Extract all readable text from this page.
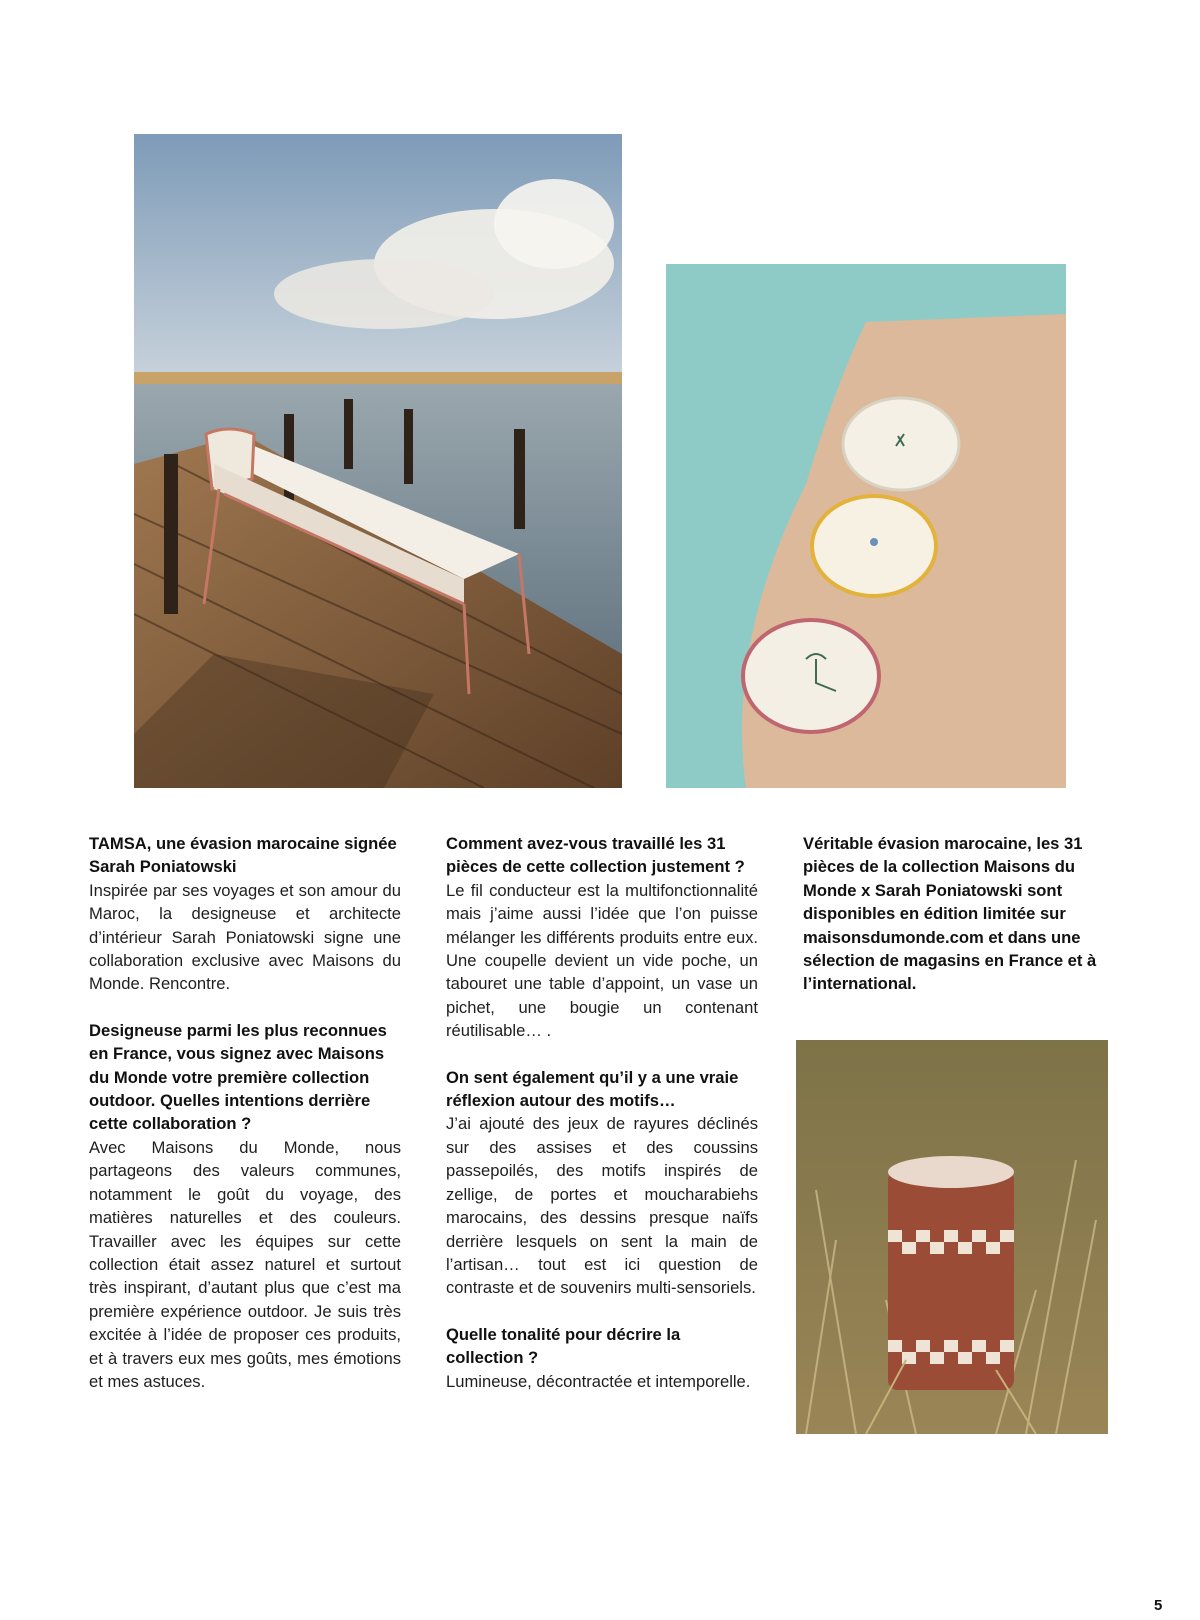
TAMSA, une évasion marocaine signée Sarah Poniatowski

Inspirée par ses voyages et son amour du Maroc, la designeuse et architecte d’intérieur Sarah Poniatowski signe une collaboration exclusive avec Maisons du Monde. Rencontre.

Designeuse parmi les plus reconnues en France, vous signez avec Maisons du Monde votre première collection outdoor. Quelles intentions derrière cette collaboration ?

Avec Maisons du Monde, nous partageons des valeurs communes, notamment le goût du voyage, des matières naturelles et des couleurs. Travailler avec les équipes sur cette collection était assez naturel et surtout très inspirant, d’autant plus que c’est ma première expérience outdoor. Je suis très excitée à l’idée de proposer ces produits, et à travers eux mes goûts, mes émotions et mes astuces.

Comment avez-vous travaillé les 31 pièces de cette collection justement ?

Le fil conducteur est la multifonctionnalité mais j’aime aussi l’idée que l’on puisse mélanger les différents produits entre eux. Une coupelle devient un vide poche, un tabouret une table d’appoint, un vase un pichet, une bougie un contenant réutilisable… .

On sent également qu’il y a une vraie réflexion autour des motifs…

J’ai ajouté des jeux de rayures déclinés sur des assises et des coussins passepoilés, des motifs inspirés de zellige, de portes et moucharabiehs marocains, des dessins presque naïfs derrière lesquels on sent la main de l’artisan… tout est ici question de contraste et de souvenirs multi-sensoriels.

Quelle tonalité pour décrire la collection ?

Lumineuse, décontractée et intemporelle.

Véritable évasion marocaine, les 31 pièces de la collection Maisons du Monde x Sarah Poniatowski sont disponibles en édition limitée sur maisonsdumonde.com et dans une sélection de magasins en France et à l’international.
5
